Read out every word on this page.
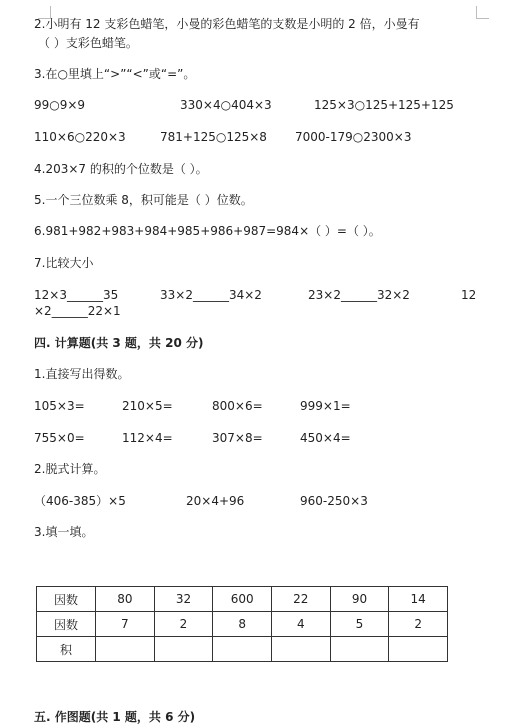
2.小明有 12 支彩色蜡笔，小曼的彩色蜡笔的支数是小明的 2 倍，小曼有
（ ）支彩色蜡笔。
3.在○里填上“>”“<”或“=”。
99○9×9	330×4○404×3	125×3○125+125+125
110×6○220×3	781+125○125×8 7000-179○2300×3
4.203×7 的积的个位数是（ ）。
5.一个三位数乘 8，积可能是（ ）位数。
6.981+982+983+984+985+986+987=984×（ ）=（ ）。
7.比较大小
12×3______35	33×2______34×2	23×2______32×2	12
×2______22×1
四. 计算题(共 3 题，共 20 分)
1.直接写出得数。
105×3=	210×5=	800×6=	999×1=
755×0=	112×4=	307×8=	450×4=
2.脱式计算。
（406-385）×5	20×4+96	960-250×3
3.填一填。
因数	80	32	600	22	90	14
因数	7	2	8	4	5	2
积						
五. 作图题(共 1 题，共 6 分)
